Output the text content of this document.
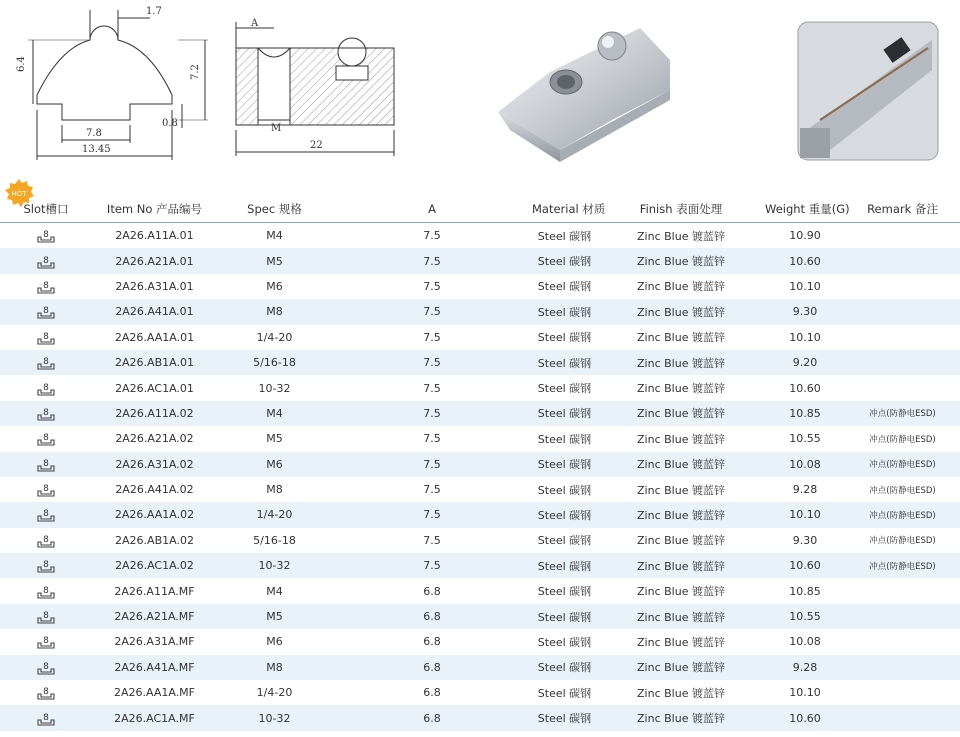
1.7
6.4
7.2
0.8
7.8
13.45
A
M
22
HOT
Slot槽口	Item No 产品编号	Spec 规格	A	Material 材质	Finish 表面处理	Weight 重量(G)	Remark 备注
8	2A26.A11A.01	M4	7.5	Steel 碳钢	Zinc Blue 镀蓝锌	10.90
8	2A26.A21A.01	M5	7.5	Steel 碳钢	Zinc Blue 镀蓝锌	10.60
8	2A26.A31A.01	M6	7.5	Steel 碳钢	Zinc Blue 镀蓝锌	10.10
8	2A26.A41A.01	M8	7.5	Steel 碳钢	Zinc Blue 镀蓝锌	9.30
8	2A26.AA1A.01	1/4-20	7.5	Steel 碳钢	Zinc Blue 镀蓝锌	10.10
8	2A26.AB1A.01	5/16-18	7.5	Steel 碳钢	Zinc Blue 镀蓝锌	9.20
8	2A26.AC1A.01	10-32	7.5	Steel 碳钢	Zinc Blue 镀蓝锌	10.60
8	2A26.A11A.02	M4	7.5	Steel 碳钢	Zinc Blue 镀蓝锌	10.85	冲点(防静电ESD)
8	2A26.A21A.02	M5	7.5	Steel 碳钢	Zinc Blue 镀蓝锌	10.55	冲点(防静电ESD)
8	2A26.A31A.02	M6	7.5	Steel 碳钢	Zinc Blue 镀蓝锌	10.08	冲点(防静电ESD)
8	2A26.A41A.02	M8	7.5	Steel 碳钢	Zinc Blue 镀蓝锌	9.28	冲点(防静电ESD)
8	2A26.AA1A.02	1/4-20	7.5	Steel 碳钢	Zinc Blue 镀蓝锌	10.10	冲点(防静电ESD)
8	2A26.AB1A.02	5/16-18	7.5	Steel 碳钢	Zinc Blue 镀蓝锌	9.30	冲点(防静电ESD)
8	2A26.AC1A.02	10-32	7.5	Steel 碳钢	Zinc Blue 镀蓝锌	10.60	冲点(防静电ESD)
8	2A26.A11A.MF	M4	6.8	Steel 碳钢	Zinc Blue 镀蓝锌	10.85
8	2A26.A21A.MF	M5	6.8	Steel 碳钢	Zinc Blue 镀蓝锌	10.55
8	2A26.A31A.MF	M6	6.8	Steel 碳钢	Zinc Blue 镀蓝锌	10.08
8	2A26.A41A.MF	M8	6.8	Steel 碳钢	Zinc Blue 镀蓝锌	9.28
8	2A26.AA1A.MF	1/4-20	6.8	Steel 碳钢	Zinc Blue 镀蓝锌	10.10
8	2A26.AC1A.MF	10-32	6.8	Steel 碳钢	Zinc Blue 镀蓝锌	10.60
